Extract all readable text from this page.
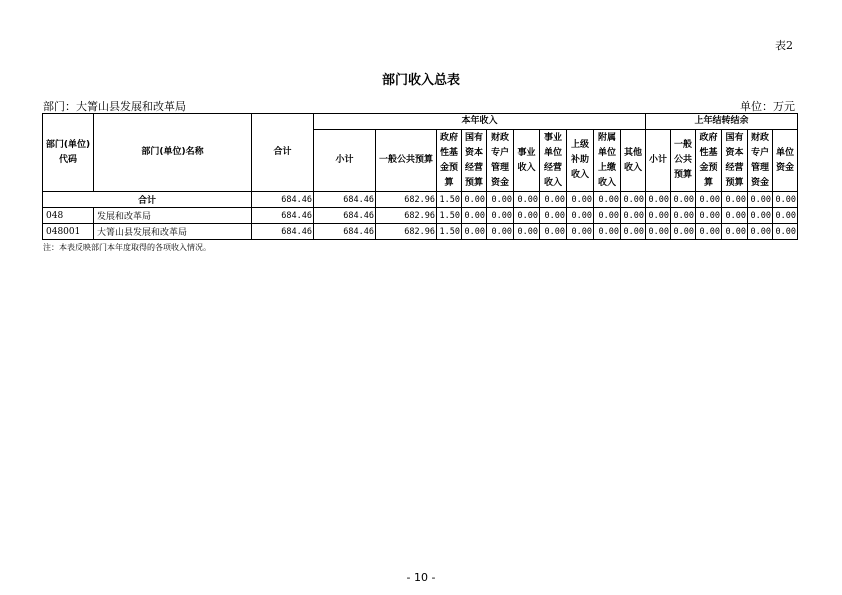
表2
部门收入总表
部门：大箐山县发展和改革局	单位：万元
部门(单位)代码	部门(单位)名称	合计	本年收入										上年结转结余					
			小计	一般公共预算	政府性基金预算	国有资本经营预算	财政专户管理资金	事业收入	事业单位经营收入	上级补助收入	附属单位上缴收入	其他收入	小计	一般公共预算	政府性基金预算	国有资本经营预算	财政专户管理资金	单位资金
合计		684.46	684.46	682.96	1.50	0.00	0.00	0.00	0.00	0.00	0.00	0.00	0.00	0.00	0.00	0.00	0.00	0.00
048	发展和改革局	684.46	684.46	682.96	1.50	0.00	0.00	0.00	0.00	0.00	0.00	0.00	0.00	0.00	0.00	0.00	0.00	0.00
048001	大箐山县发展和改革局	684.46	684.46	682.96	1.50	0.00	0.00	0.00	0.00	0.00	0.00	0.00	0.00	0.00	0.00	0.00	0.00	0.00
注：本表反映部门本年度取得的各项收入情况。
- 10 -
